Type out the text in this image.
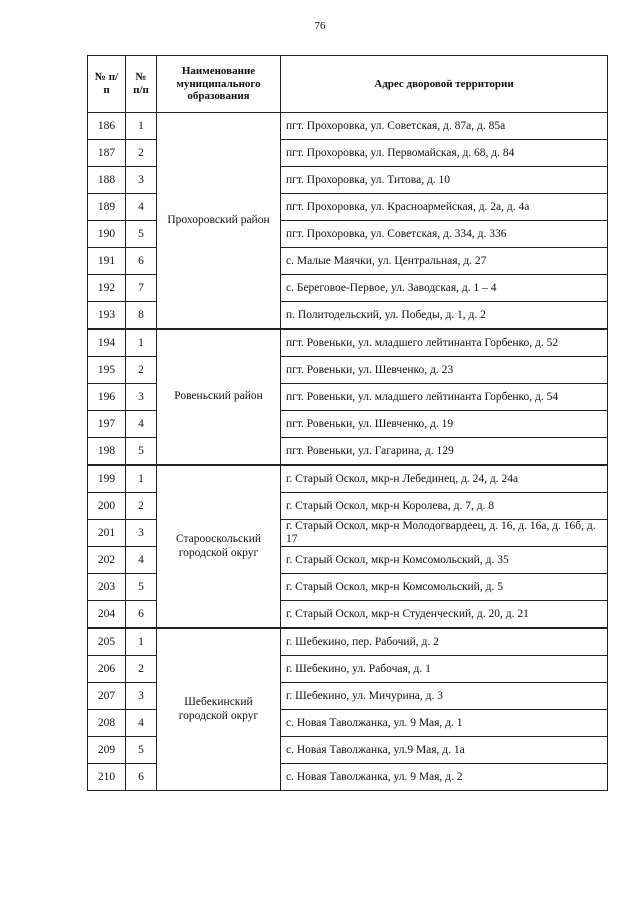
76
№ п/п	№ п/п	Наименование муниципального образования	Адрес дворовой территории
186	1	Прохоровский район	пгт. Прохоровка, ул. Советская, д. 87а, д. 85а
187	2		пгт. Прохоровка, ул. Первомайская, д. 68, д. 84
188	3		пгт. Прохоровка, ул. Титова, д. 10
189	4		пгт. Прохоровка, ул. Красноармейская, д. 2а, д. 4а
190	5		пгт. Прохоровка, ул. Советская, д. 334, д. 336
191	6		с. Малые Маячки, ул. Центральная, д. 27
192	7		с. Береговое-Первое, ул. Заводская, д. 1 – 4
193	8		п. Политодельский, ул. Победы, д. 1, д. 2
194	1	Ровеньский район	пгт. Ровеньки, ул. младшего лейтинанта Горбенко, д. 52
195	2		пгт. Ровеньки, ул. Шевченко, д. 23
196	3		пгт. Ровеньки, ул. младшего лейтинанта Горбенко, д. 54
197	4		пгт. Ровеньки, ул. Шевченко, д. 19
198	5		пгт. Ровеньки, ул. Гагарина, д. 129
199	1	Старооскольский городской округ	г. Старый Оскол, мкр-н Лебединец, д. 24, д. 24а
200	2		г. Старый Оскол, мкр-н Королева, д. 7, д. 8
201	3		г. Старый Оскол, мкр-н Молодогвардеец, д. 16, д. 16а, д. 16б, д. 17
202	4		г. Старый Оскол, мкр-н Комсомольский, д. 35
203	5		г. Старый Оскол, мкр-н Комсомольский, д. 5
204	6		г. Старый Оскол, мкр-н Студенческий, д. 20, д. 21
205	1	Шебекинский городской округ	г. Шебекино, пер. Рабочий, д. 2
206	2		г. Шебекино, ул. Рабочая, д. 1
207	3		г. Шебекино, ул. Мичурина, д. 3
208	4		с. Новая Таволжанка, ул. 9 Мая, д. 1
209	5		с. Новая Таволжанка, ул.9 Мая, д. 1а
210	6		с. Новая Таволжанка, ул. 9 Мая, д. 2
